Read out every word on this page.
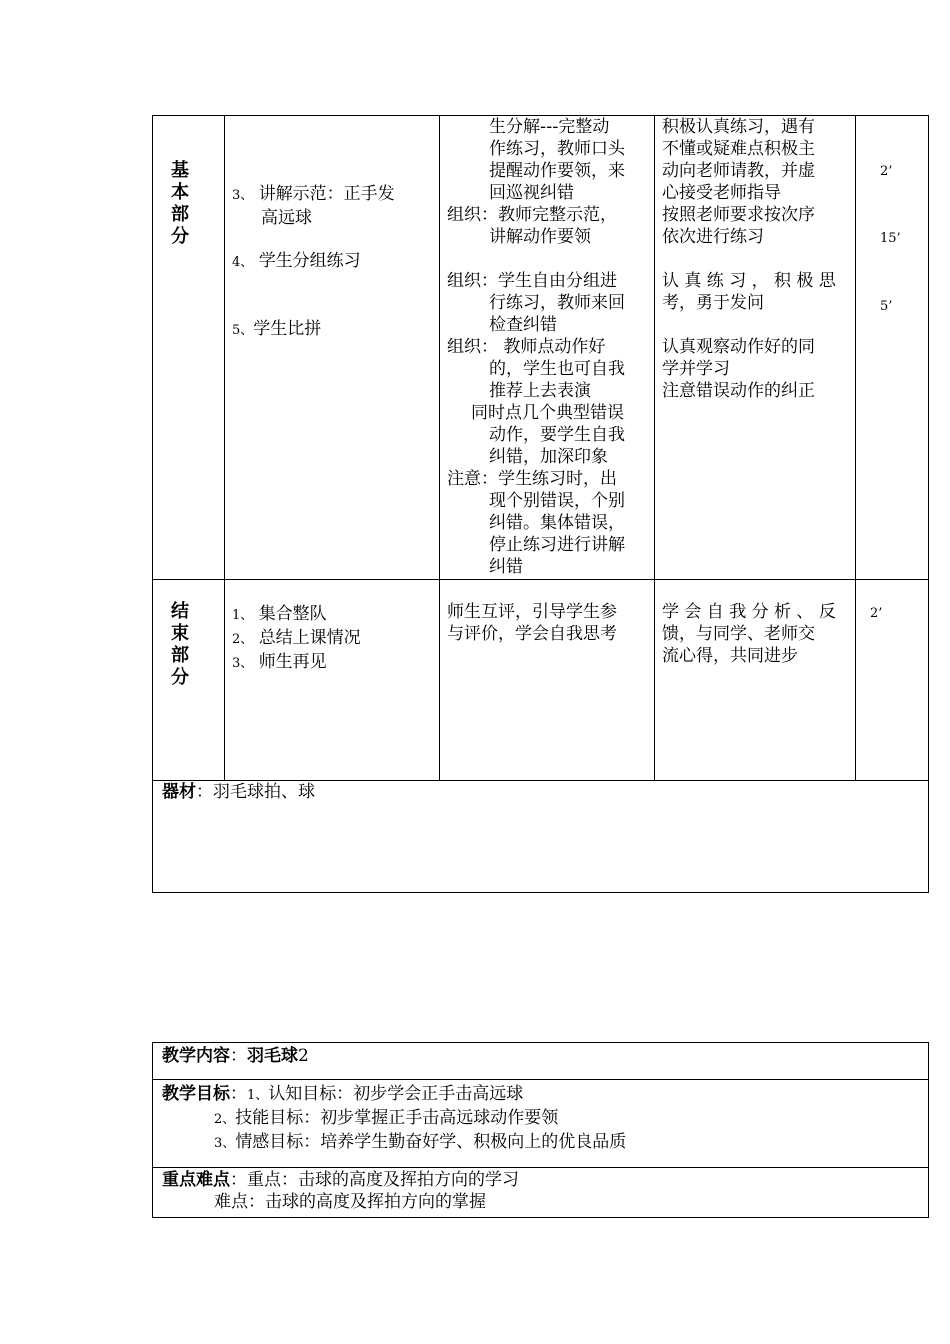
基
本
部
分
3、 讲解示范：正手发
高远球
4、 学生分组练习
5、学生比拼
生分解---完整动
作练习，教师口头
提醒动作要领，来
回巡视纠错
组织：教师完整示范，
讲解动作要领
组织：学生自由分组进
行练习，教师来回
检查纠错
组织： 教师点动作好
的，学生也可自我
推荐上去表演
同时点几个典型错误
动作，要学生自我
纠错，加深印象
注意：学生练习时，出
现个别错误，个别
纠错。集体错误，
停止练习进行讲解
纠错
积极认真练习，遇有
不懂或疑难点积极主
动向老师请教，并虚
心接受老师指导
按照老师要求按次序
依次进行练习
认 真 练 习 ， 积 极 思
考，勇于发问
认真观察动作好的同
学并学习
注意错误动作的纠正
2’
15’
5’
结
束
部
分
1、 集合整队
2、 总结上课情况
3、 师生再见
师生互评，引导学生参
与评价，学会自我思考
学 会 自 我 分 析 、 反
馈，与同学、老师交
流心得，共同进步
2’
器材：羽毛球拍、球
教学内容：羽毛球2
教学目标：1、认知目标：初步学会正手击高远球
2、技能目标：初步掌握正手击高远球动作要领
3、情感目标：培养学生勤奋好学、积极向上的优良品质
重点难点：重点：击球的高度及挥拍方向的学习
难点：击球的高度及挥拍方向的掌握
